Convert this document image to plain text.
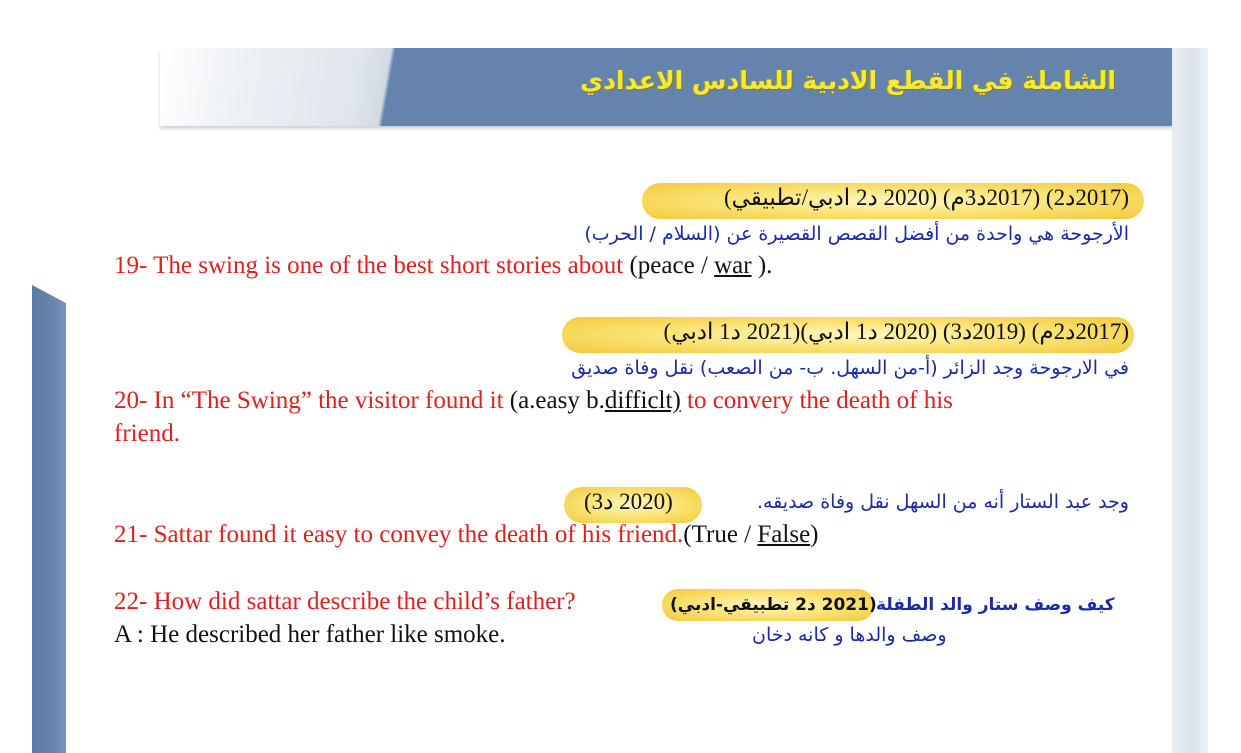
الشاملة في القطع الادبية للسادس الاعدادي
(2017د2) (2017د3م) (2020 د2 ادبي/تطبيقي)
الأرجوحة هي واحدة من أفضل القصص القصيرة عن (السلام / الحرب)
19- The swing is one of the best short stories about (peace / war ).
(2017د2م) (2019د3) (2020 د1 ادبي)(2021 د1 ادبي)
في الارجوحة وجد الزائر (أ-من السهل. ب- من الصعب) نقل وفاة صديق
20- In “The Swing” the visitor found it (a.easy b.difficlt) to convery the death of his
friend.
(2020 د3)	وجد عبد الستار أنه من السهل نقل وفاة صديقه.
21- Sattar found it easy to convey the death of his friend.(True / False)
22- How did sattar describe the child’s father?	(2021 د2 تطبيقي-ادبي) كيف وصف ستار والد الطفلة
A : He described her father like smoke.	وصف والدها و كانه دخان
